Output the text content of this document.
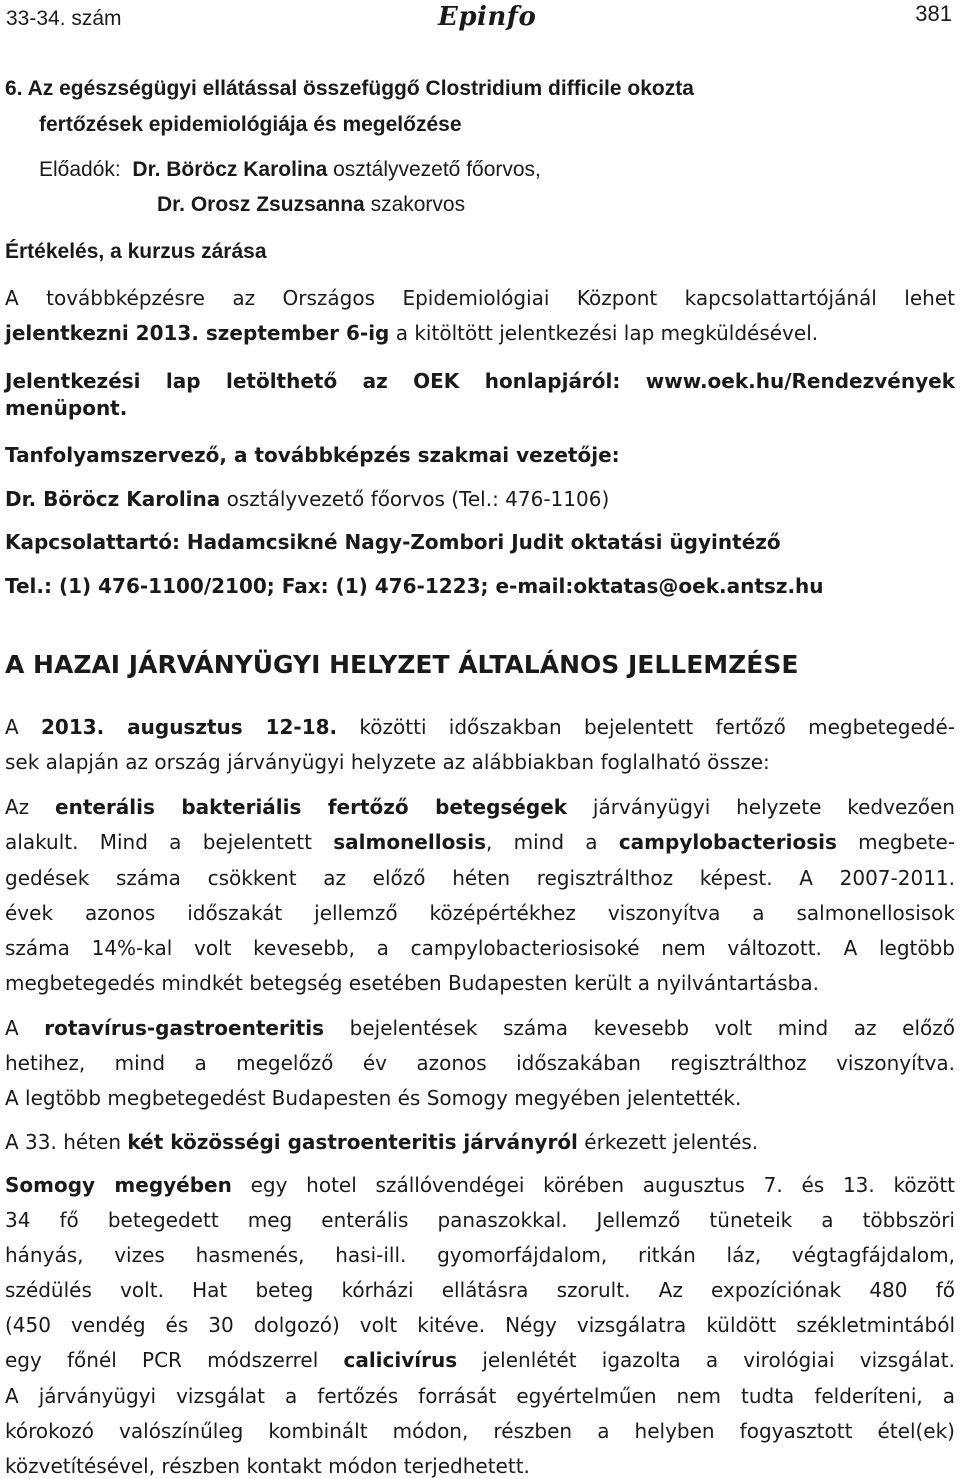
33-34. szám	Epinfo	381
6. Az egészségügyi ellátással összefüggő Clostridium difficile okozta
fertőzések epidemiológiája és megelőzése
Előadók: Dr. Böröcz Karolina osztályvezető főorvos,
Dr. Orosz Zsuzsanna szakorvos
Értékelés, a kurzus zárása
A továbbképzésre az Országos Epidemiológiai Központ kapcsolattartójánál lehet
jelentkezni 2013. szeptember 6-ig a kitöltött jelentkezési lap megküldésével.
Jelentkezési lap letölthető az OEK honlapjáról: www.oek.hu/Rendezvények
menüpont.
Tanfolyamszervező, a továbbképzés szakmai vezetője:
Dr. Böröcz Karolina osztályvezető főorvos (Tel.: 476-1106)
Kapcsolattartó: Hadamcsikné Nagy-Zombori Judit oktatási ügyintéző
Tel.: (1) 476-1100/2100; Fax: (1) 476-1223; e-mail:oktatas@oek.antsz.hu
A HAZAI JÁRVÁNYÜGYI HELYZET ÁLTALÁNOS JELLEMZÉSE
A 2013. augusztus 12-18. közötti időszakban bejelentett fertőző megbetegedé-
sek alapján az ország járványügyi helyzete az alábbiakban foglalható össze:
Az enterális bakteriális fertőző betegségek járványügyi helyzete kedvezően
alakult. Mind a bejelentett salmonellosis, mind a campylobacteriosis megbete-
gedések száma csökkent az előző héten regisztrálthoz képest. A 2007-2011.
évek azonos időszakát jellemző középértékhez viszonyítva a salmonellosisok
száma 14%-kal volt kevesebb, a campylobacteriosisoké nem változott. A legtöbb
megbetegedés mindkét betegség esetében Budapesten került a nyilvántartásba.
A rotavírus-gastroenteritis bejelentések száma kevesebb volt mind az előző
hetihez, mind a megelőző év azonos időszakában regisztrálthoz viszonyítva.
A legtöbb megbetegedést Budapesten és Somogy megyében jelentették.
A 33. héten két közösségi gastroenteritis járványról érkezett jelentés.
Somogy megyében egy hotel szállóvendégei körében augusztus 7. és 13. között
34 fő betegedett meg enterális panaszokkal. Jellemző tüneteik a többszöri
hányás, vizes hasmenés, hasi-ill. gyomorfájdalom, ritkán láz, végtagfájdalom,
szédülés volt. Hat beteg kórházi ellátásra szorult. Az expozíciónak 480 fő
(450 vendég és 30 dolgozó) volt kitéve. Négy vizsgálatra küldött székletmintából
egy főnél PCR módszerrel calicivírus jelenlétét igazolta a virológiai vizsgálat.
A járványügyi vizsgálat a fertőzés forrását egyértelműen nem tudta felderíteni, a
kórokozó valószínűleg kombinált módon, részben a helyben fogyasztott étel(ek)
közvetítésével, részben kontakt módon terjedhetett.
